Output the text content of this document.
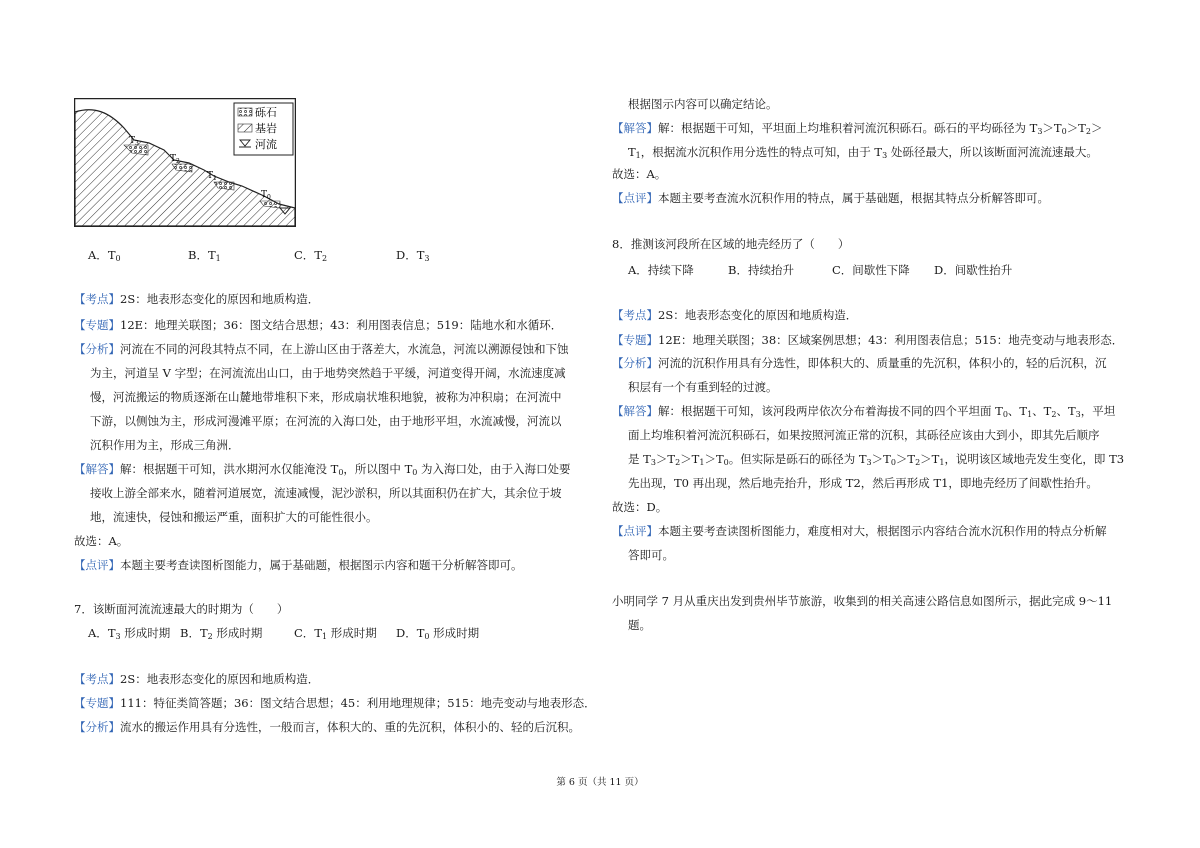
$T_3$
$T_2$
$T_1$
$T_0$
砾石
基岩
河流
A．$T_0$	B．$T_1$	C．$T_2$	D．$T_3$
【考点】2S：地表形态变化的原因和地质构造．
【专题】12E：地理关联图；36：图文结合思想；43：利用图表信息；519：陆地水和水循环．
【分析】河流在不同的河段其特点不同，在上游山区由于落差大，水流急，河流以溯源侵蚀和下蚀
为主，河道呈 V 字型；在河流流出山口，由于地势突然趋于平缓，河道变得开阔，水流速度减
慢，河流搬运的物质逐渐在山麓地带堆积下来，形成扇状堆积地貌，被称为冲积扇；在河流中
下游，以侧蚀为主，形成河漫滩平原；在河流的入海口处，由于地形平坦，水流减慢，河流以
沉积作用为主，形成三角洲．
【解答】解：根据题干可知，洪水期河水仅能淹没 $T_0$，所以图中 $T_0$ 为入海口处，由于入海口处要
接收上游全部来水，随着河道展宽，流速减慢，泥沙淤积，所以其面积仍在扩大，其余位于坡
地，流速快，侵蚀和搬运严重，面积扩大的可能性很小。
故选：A。
【点评】本题主要考查读图析图能力，属于基础题，根据图示内容和题干分析解答即可。
7．该断面河流流速最大的时期为（　　）
A．$T_3$ 形成时期 B．$T_2$ 形成时期	C．$T_1$ 形成时期 D．$T_0$ 形成时期
【考点】2S：地表形态变化的原因和地质构造．
【专题】111：特征类简答题；36：图文结合思想；45：利用地理规律；515：地壳变动与地表形态．
【分析】流水的搬运作用具有分选性，一般而言，体积大的、重的先沉积，体积小的、轻的后沉积。
根据图示内容可以确定结论。
【解答】解：根据题干可知，平坦面上均堆积着河流沉积砾石。砾石的平均砾径为 $T_3>T_0>T_2>$
$T_1$，根据流水沉积作用分选性的特点可知，由于 $T_3$ 处砾径最大，所以该断面河流流速最大。
故选：A。
【点评】本题主要考查流水沉积作用的特点，属于基础题，根据其特点分析解答即可。
8．推测该河段所在区域的地壳经历了（　　）
A．持续下降	B．持续抬升	C．间歇性下降 D．间歇性抬升
【考点】2S：地表形态变化的原因和地质构造．
【专题】12E：地理关联图；38：区域案例思想；43：利用图表信息；515：地壳变动与地表形态．
【分析】河流的沉积作用具有分选性，即体积大的、质量重的先沉积，体积小的，轻的后沉积，沉
积层有一个有重到轻的过渡。
【解答】解：根据题干可知，该河段两岸依次分布着海拔不同的四个平坦面 $T_0$、$T_1$、$T_2$、$T_3$，平坦
面上均堆积着河流沉积砾石，如果按照河流正常的沉积，其砾径应该由大到小，即其先后顺序
是 $T_3>T_2>T_1>T_0$。但实际是砾石的砾径为 $T_3>T_0>T_2>T_1$，说明该区域地壳发生变化，即 T3
先出现，T0 再出现，然后地壳抬升，形成 T2，然后再形成 T1，即地壳经历了间歇性抬升。
故选：D。
【点评】本题主要考查读图析图能力，难度相对大，根据图示内容结合流水沉积作用的特点分析解
答即可。
小明同学 7 月从重庆出发到贵州毕节旅游，收集到的相关高速公路信息如图所示，据此完成 9～11
题。
第 6 页（共 11 页）
